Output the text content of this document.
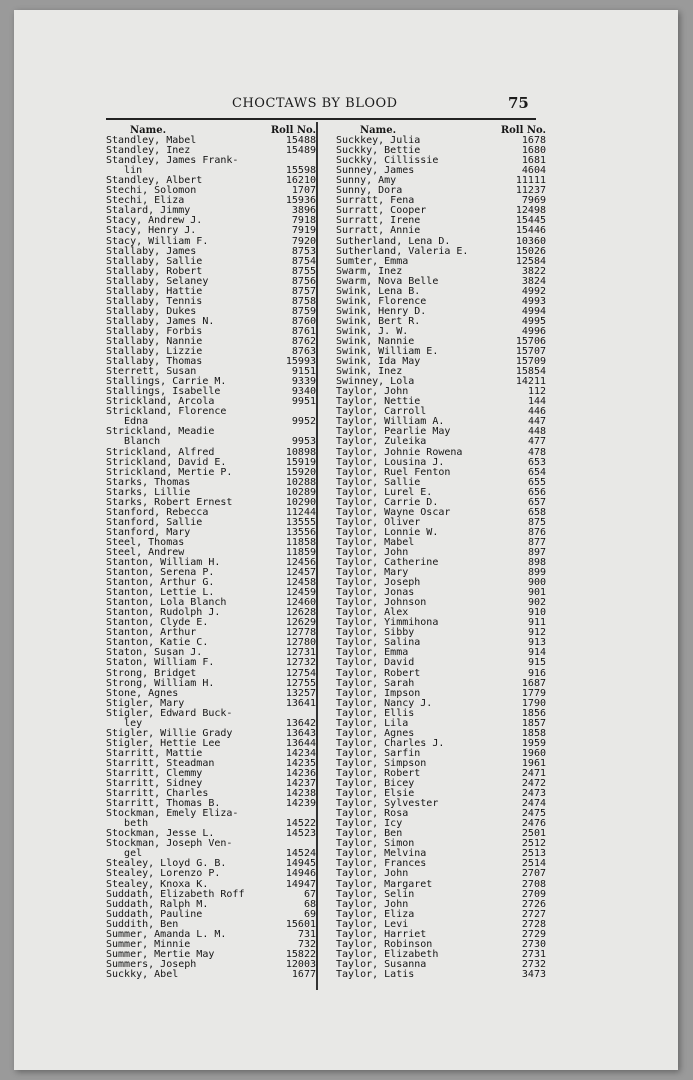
CHOCTAWS BY BLOOD	75

Name.

	Roll No.

Standley, Mabel	15488
Standley, Inez	15489
Standley, James Frank-
lin	15598
Standley, Albert	16210
Stechi, Solomon	1707
Stechi, Eliza	15936
Stalard, Jimmy	3896
Stacy, Andrew J.	7918
Stacy, Henry J.	7919
Stacy, William F.	7920
Stallaby, James	8753
Stallaby, Sallie	8754
Stallaby, Robert	8755
Stallaby, Selaney	8756
Stallaby, Hattie	8757
Stallaby, Tennis	8758
Stallaby, Dukes	8759
Stallaby, James N.	8760
Stallaby, Forbis	8761
Stallaby, Nannie	8762
Stallaby, Lizzie	8763
Stallaby, Thomas	15993
Sterrett, Susan	9151
Stallings, Carrie M.	9339
Stallings, Isabelle	9340
Strickland, Arcola	9951
Strickland, Florence
Edna	9952
Strickland, Meadie
Blanch	9953
Strickland, Alfred	10898
Strickland, David E.	15919
Strickland, Mertie P.	15920
Starks, Thomas	10288
Starks, Lillie	10289
Starks, Robert Ernest	10290
Stanford, Rebecca	11244
Stanford, Sallie	13555
Stanford, Mary	13556
Steel, Thomas	11858
Steel, Andrew	11859
Stanton, William H.	12456
Stanton, Serena P.	12457
Stanton, Arthur G.	12458
Stanton, Lettie L.	12459
Stanton, Lola Blanch	12460
Stanton, Rudolph J.	12628
Stanton, Clyde E.	12629
Stanton, Arthur	12778
Stanton, Katie C.	12780
Staton, Susan J.	12731
Staton, William F.	12732
Strong, Bridget	12754
Strong, William H.	12755
Stone, Agnes	13257
Stigler, Mary	13641
Stigler, Edward Buck-
ley	13642
Stigler, Willie Grady	13643
Stigler, Hettie Lee	13644
Starritt, Mattie	14234
Starritt, Steadman	14235
Starritt, Clemmy	14236
Starritt, Sidney	14237
Starritt, Charles	14238
Starritt, Thomas B.	14239
Stockman, Emely Eliza-
beth	14522
Stockman, Jesse L.	14523
Stockman, Joseph Ven-
gel	14524
Stealey, Lloyd G. B.	14945
Stealey, Lorenzo P.	14946
Stealey, Knoxa K.	14947
Suddath, Elizabeth Roff	67
Suddath, Ralph M.	68
Suddath, Pauline	69
Suddith, Ben	15601
Summer, Amanda L. M.	731
Summer, Minnie	732
Summer, Mertie May	15822
Summers, Joseph	12003
Suckky, Abel	1677

Name.

	Roll No.

Suckkey, Julia	1678
Suckky, Bettie	1680
Suckky, Cillissie	1681
Sunney, James	4604
Sunny, Amy	11111
Sunny, Dora	11237
Surratt, Fena	7969
Surratt, Cooper	12498
Surratt, Irene	15445
Surratt, Annie	15446
Sutherland, Lena D.	10360
Sutherland, Valeria E.	15026
Sumter, Emma	12584
Swarm, Inez	3822
Swarm, Nova Belle	3824
Swink, Lena B.	4992
Swink, Florence	4993
Swink, Henry D.	4994
Swink, Bert R.	4995
Swink, J. W.	4996
Swink, Nannie	15706
Swink, William E.	15707
Swink, Ida May	15709
Swink, Inez	15854
Swinney, Lola	14211
Taylor, John	112
Taylor, Nettie	144
Taylor, Carroll	446
Taylor, William A.	447
Taylor, Pearlie May	448
Taylor, Zuleika	477
Taylor, Johnie Rowena	478
Taylor, Lousina J.	653
Taylor, Ruel Fenton	654
Taylor, Sallie	655
Taylor, Lurel E.	656
Taylor, Carrie D.	657
Taylor, Wayne Oscar	658
Taylor, Oliver	875
Taylor, Lonnie W.	876
Taylor, Mabel	877
Taylor, John	897
Taylor, Catherine	898
Taylor, Mary	899
Taylor, Joseph	900
Taylor, Jonas	901
Taylor, Johnson	902
Taylor, Alex	910
Taylor, Yimmihona	911
Taylor, Sibby	912
Taylor, Salina	913
Taylor, Emma	914
Taylor, David	915
Taylor, Robert	916
Taylor, Sarah	1687
Taylor, Impson	1779
Taylor, Nancy J.	1790
Taylor, Ellis	1856
Taylor, Lila	1857
Taylor, Agnes	1858
Taylor, Charles J.	1959
Taylor, Sarfin	1960
Taylor, Simpson	1961
Taylor, Robert	2471
Taylor, Bicey	2472
Taylor, Elsie	2473
Taylor, Sylvester	2474
Taylor, Rosa	2475
Taylor, Icy	2476
Taylor, Ben	2501
Taylor, Simon	2512
Taylor, Melvina	2513
Taylor, Frances	2514
Taylor, John	2707
Taylor, Margaret	2708
Taylor, Selin	2709
Taylor, John	2726
Taylor, Eliza	2727
Taylor, Levi	2728
Taylor, Harriet	2729
Taylor, Robinson	2730
Taylor, Elizabeth	2731
Taylor, Susanna	2732
Taylor, Latis	3473
